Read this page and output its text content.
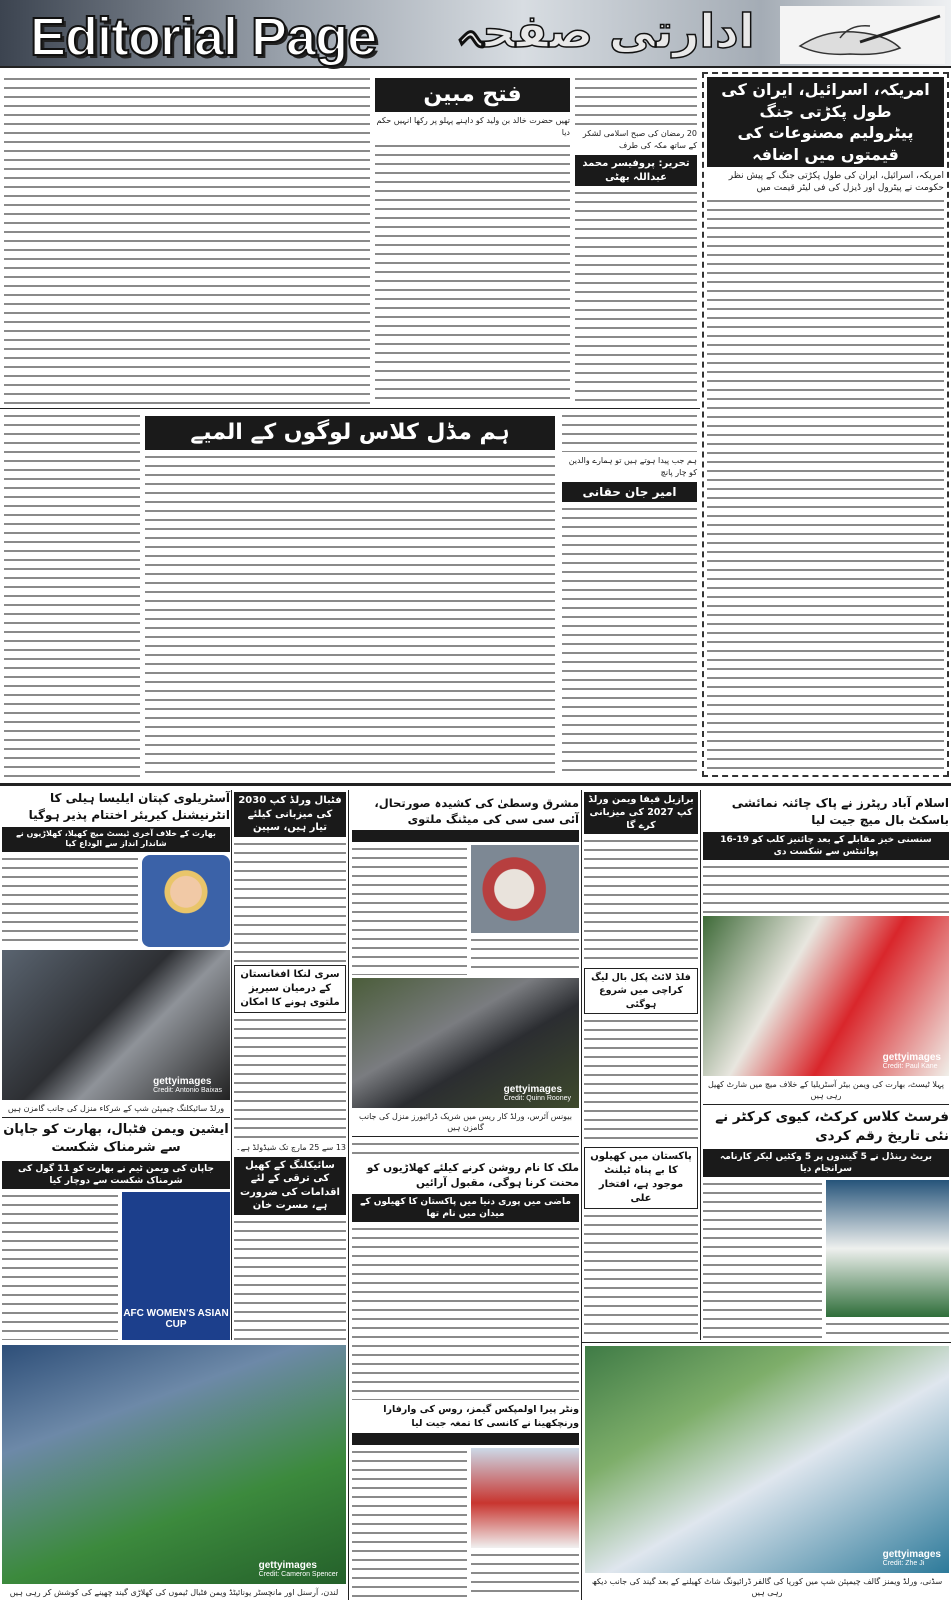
Editorial Page	ادارتی صفحہ
امریکہ، اسرائیل، ایران کی طول پکڑتی جنگ
پیٹرولیم مصنوعات کی قیمتوں میں اضافہ
امریکہ، اسرائیل، ایران کی طول پکڑتی جنگ کے پیش نظر حکومت نے پیٹرول اور ڈیزل کی فی لیٹر قیمت میں
فتح مبین
تھیں حضرت خالد بن ولید کو داہنے پہلو پر رکھا انہیں حکم دیا	20 رمضان کی صبح اسلامی لشکر کے ساتھ مکہ کی طرف
تحریر: پروفیسر محمد عبداللہ بھٹی
ہم مڈل کلاس لوگوں کے المیے
ہم جب پیدا ہوتے ہیں تو ہمارے والدین کو چار پانچ
امیر جان حقانی
آسٹریلوی کپتان ایلیسا ہیلی کا انٹرنیشنل کیریئر اختتام پذیر ہوگیا
بھارت کے خلاف آخری ٹیسٹ میچ کھیلا، کھلاڑیوں نے شاندار انداز سے الوداع کیا
gettyimages
Credit: Antonio Baixas
ورلڈ سائیکلنگ چیمپئن شپ کے شرکاء منزل کی جانب گامزن ہیں
ایشین ویمن فٹبال، بھارت کو جاپان سے شرمناک شکست
جاپان کی ویمن ٹیم نے بھارت کو 11 گول کی شرمناک شکست سے دوچار کیا
AFC WOMEN'S ASIAN CUP
gettyimages
Credit: Cameron Spencer
لندن، آرسنل اور مانچسٹر یونائیٹڈ ویمن فٹبال ٹیموں کی کھلاڑی گیند چھینے کی کوشش کر رہی ہیں
فٹبال ورلڈ کپ 2030 کی میزبانی کیلئے تیار ہیں، سپین
سری لنکا افغانستان کے درمیان سیریز ملتوی ہونے کا امکان
13 سے 25 مارچ تک شیڈولڈ ہے۔
سائیکلنگ کے کھیل کی ترقی کے لئے اقدامات کی ضرورت ہے، مسرت خان
مشرق وسطیٰ کی کشیدہ صورتحال، آئی سی سی کی میٹنگ ملتوی
gettyimages
Credit: Quinn Rooney
بیونس آئرس، ورلڈ کار ریس میں شریک ڈرائیورز منزل کی جانب گامزن ہیں
ملک کا نام روشن کرنے کیلئے کھلاڑیوں کو محنت کرنا ہوگی، مقبول آرائیں
ماضی میں پوری دنیا میں پاکستان کا کھیلوں کے میدان میں نام تھا
ونٹر پیرا اولمپکس گیمز، روس کی وارفارا ورنچکھینا نے کانسی کا تمغہ جیت لیا
برازیل فیفا ویمن ورلڈ کپ 2027 کی میزبانی کرے گا
فلڈ لائٹ پکل بال لیگ کراچی میں شروع ہوگئی
پاکستان میں کھیلوں کا بے پناہ ٹیلنٹ موجود ہے، افتخار علی
اسلام آباد رپٹرز نے پاک چائنہ نمائشی باسکٹ بال میچ جیت لیا
سنسنی خیز مقابلے کے بعد چائنیز کلب کو 19-16 پوائنٹس سے شکست دی
gettyimages
Credit: Paul Kane
پہلا ٹیسٹ، بھارت کی ویمن بیٹر آسٹریلیا کے خلاف میچ میں شارٹ کھیل رہی ہیں
فرسٹ کلاس کرکٹ، کیوی کرکٹر نے نئی تاریخ رقم کردی
بریٹ رینڈل نے 5 گیندوں پر 5 وکٹیں لیکر کارنامہ سرانجام دیا
gettyimages
Credit: Zhe Ji
سڈنی، ورلڈ ویمنز گالف چیمپئن شپ میں کوریا کی گالفر ڈرائیونگ شاٹ کھیلنے کے بعد گیند کی جانب دیکھ رہی ہیں
